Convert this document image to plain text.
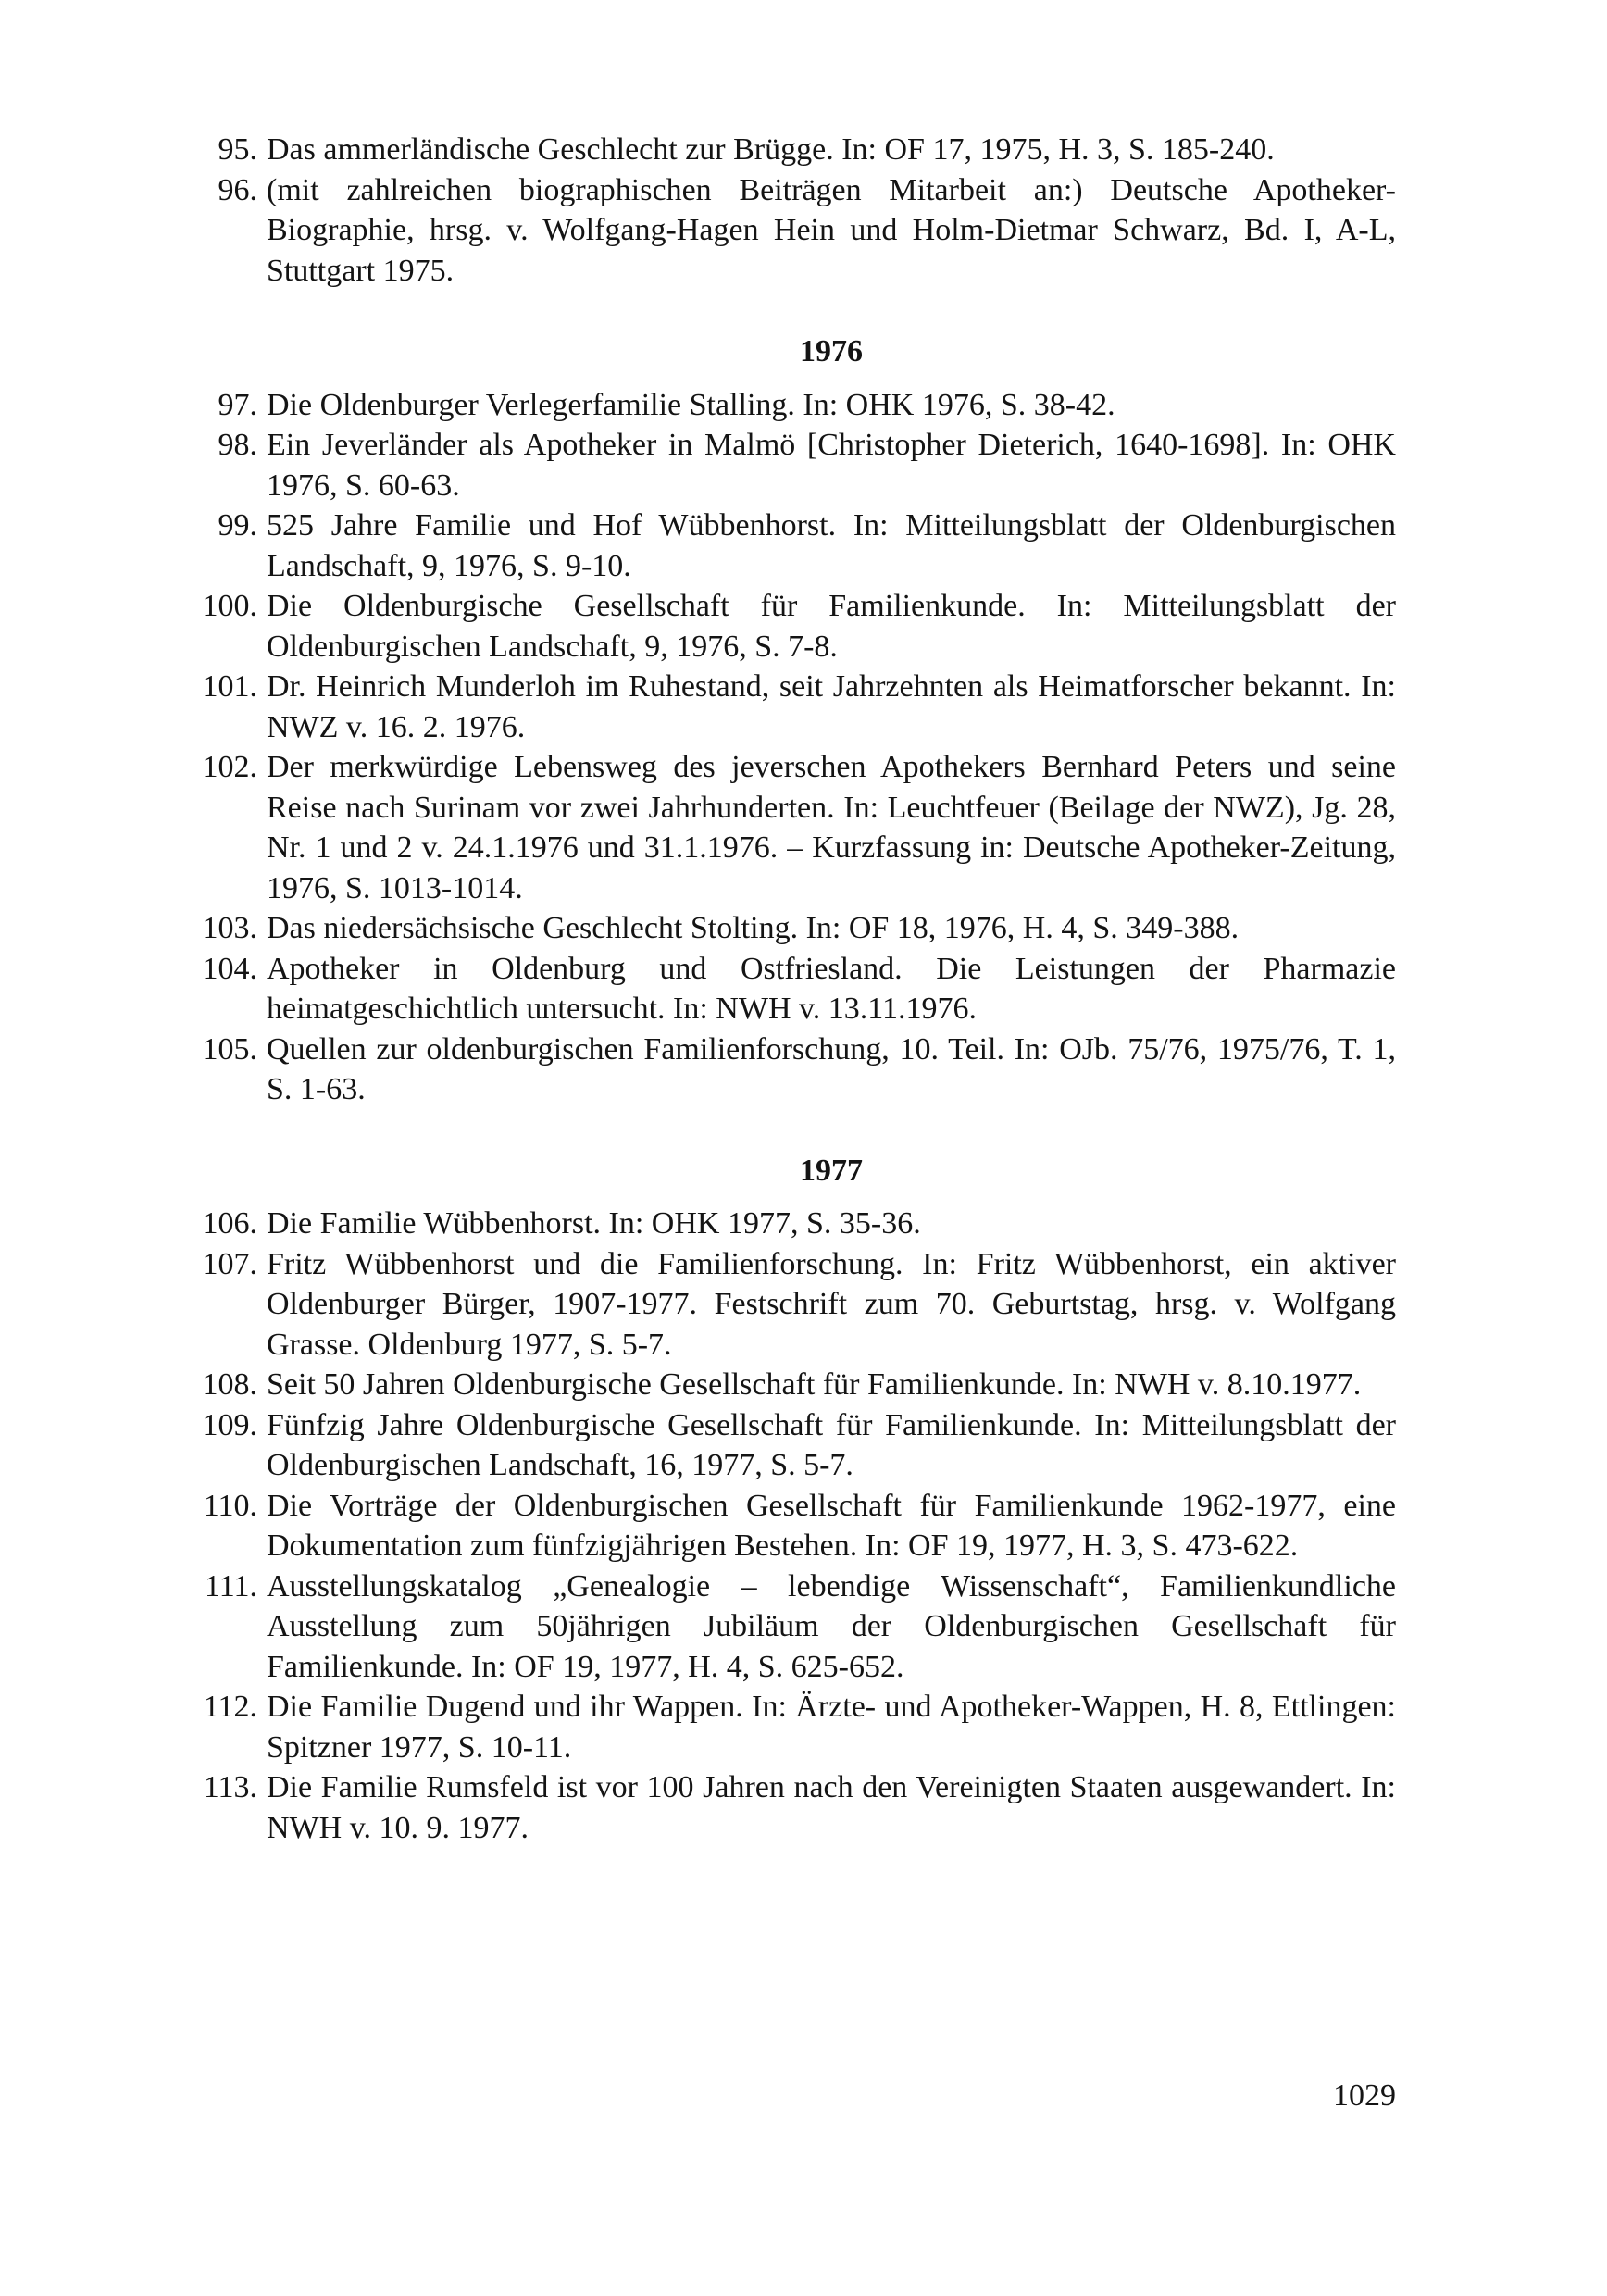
95. Das ammerländische Geschlecht zur Brügge. In: OF 17, 1975, H. 3, S. 185-240.
96. (mit zahlreichen biographischen Beiträgen Mitarbeit an:) Deutsche Apotheker-Biographie, hrsg. v. Wolfgang-Hagen Hein und Holm-Dietmar Schwarz, Bd. I, A-L, Stuttgart 1975.
1976
97. Die Oldenburger Verlegerfamilie Stalling. In: OHK 1976, S. 38-42.
98. Ein Jeverländer als Apotheker in Malmö [Christopher Dieterich, 1640-1698]. In: OHK 1976, S. 60-63.
99. 525 Jahre Familie und Hof Wübbenhorst. In: Mitteilungsblatt der Oldenburgischen Landschaft, 9, 1976, S. 9-10.
100. Die Oldenburgische Gesellschaft für Familienkunde. In: Mitteilungsblatt der Oldenburgischen Landschaft, 9, 1976, S. 7-8.
101. Dr. Heinrich Munderloh im Ruhestand, seit Jahrzehnten als Heimatforscher bekannt. In: NWZ v. 16. 2. 1976.
102. Der merkwürdige Lebensweg des jeverschen Apothekers Bernhard Peters und seine Reise nach Surinam vor zwei Jahrhunderten. In: Leuchtfeuer (Beilage der NWZ), Jg. 28, Nr. 1 und 2 v. 24.1.1976 und 31.1.1976. – Kurzfassung in: Deutsche Apotheker-Zeitung, 1976, S. 1013-1014.
103. Das niedersächsische Geschlecht Stolting. In: OF 18, 1976, H. 4, S. 349-388.
104. Apotheker in Oldenburg und Ostfriesland. Die Leistungen der Pharmazie heimatgeschichtlich untersucht. In: NWH v. 13.11.1976.
105. Quellen zur oldenburgischen Familienforschung, 10. Teil. In: OJb. 75/76, 1975/76, T. 1, S. 1-63.
1977
106. Die Familie Wübbenhorst. In: OHK 1977, S. 35-36.
107. Fritz Wübbenhorst und die Familienforschung. In: Fritz Wübbenhorst, ein aktiver Oldenburger Bürger, 1907-1977. Festschrift zum 70. Geburtstag, hrsg. v. Wolfgang Grasse. Oldenburg 1977, S. 5-7.
108. Seit 50 Jahren Oldenburgische Gesellschaft für Familienkunde. In: NWH v. 8.10.1977.
109. Fünfzig Jahre Oldenburgische Gesellschaft für Familienkunde. In: Mitteilungsblatt der Oldenburgischen Landschaft, 16, 1977, S. 5-7.
110. Die Vorträge der Oldenburgischen Gesellschaft für Familienkunde 1962-1977, eine Dokumentation zum fünfzigjährigen Bestehen. In: OF 19, 1977, H. 3, S. 473-622.
111. Ausstellungskatalog „Genealogie – lebendige Wissenschaft“, Familienkundliche Ausstellung zum 50jährigen Jubiläum der Oldenburgischen Gesellschaft für Familienkunde. In: OF 19, 1977, H. 4, S. 625-652.
112. Die Familie Dugend und ihr Wappen. In: Ärzte- und Apotheker-Wappen, H. 8, Ettlingen: Spitzner 1977, S. 10-11.
113. Die Familie Rumsfeld ist vor 100 Jahren nach den Vereinigten Staaten ausgewandert. In: NWH v. 10. 9. 1977.
1029
